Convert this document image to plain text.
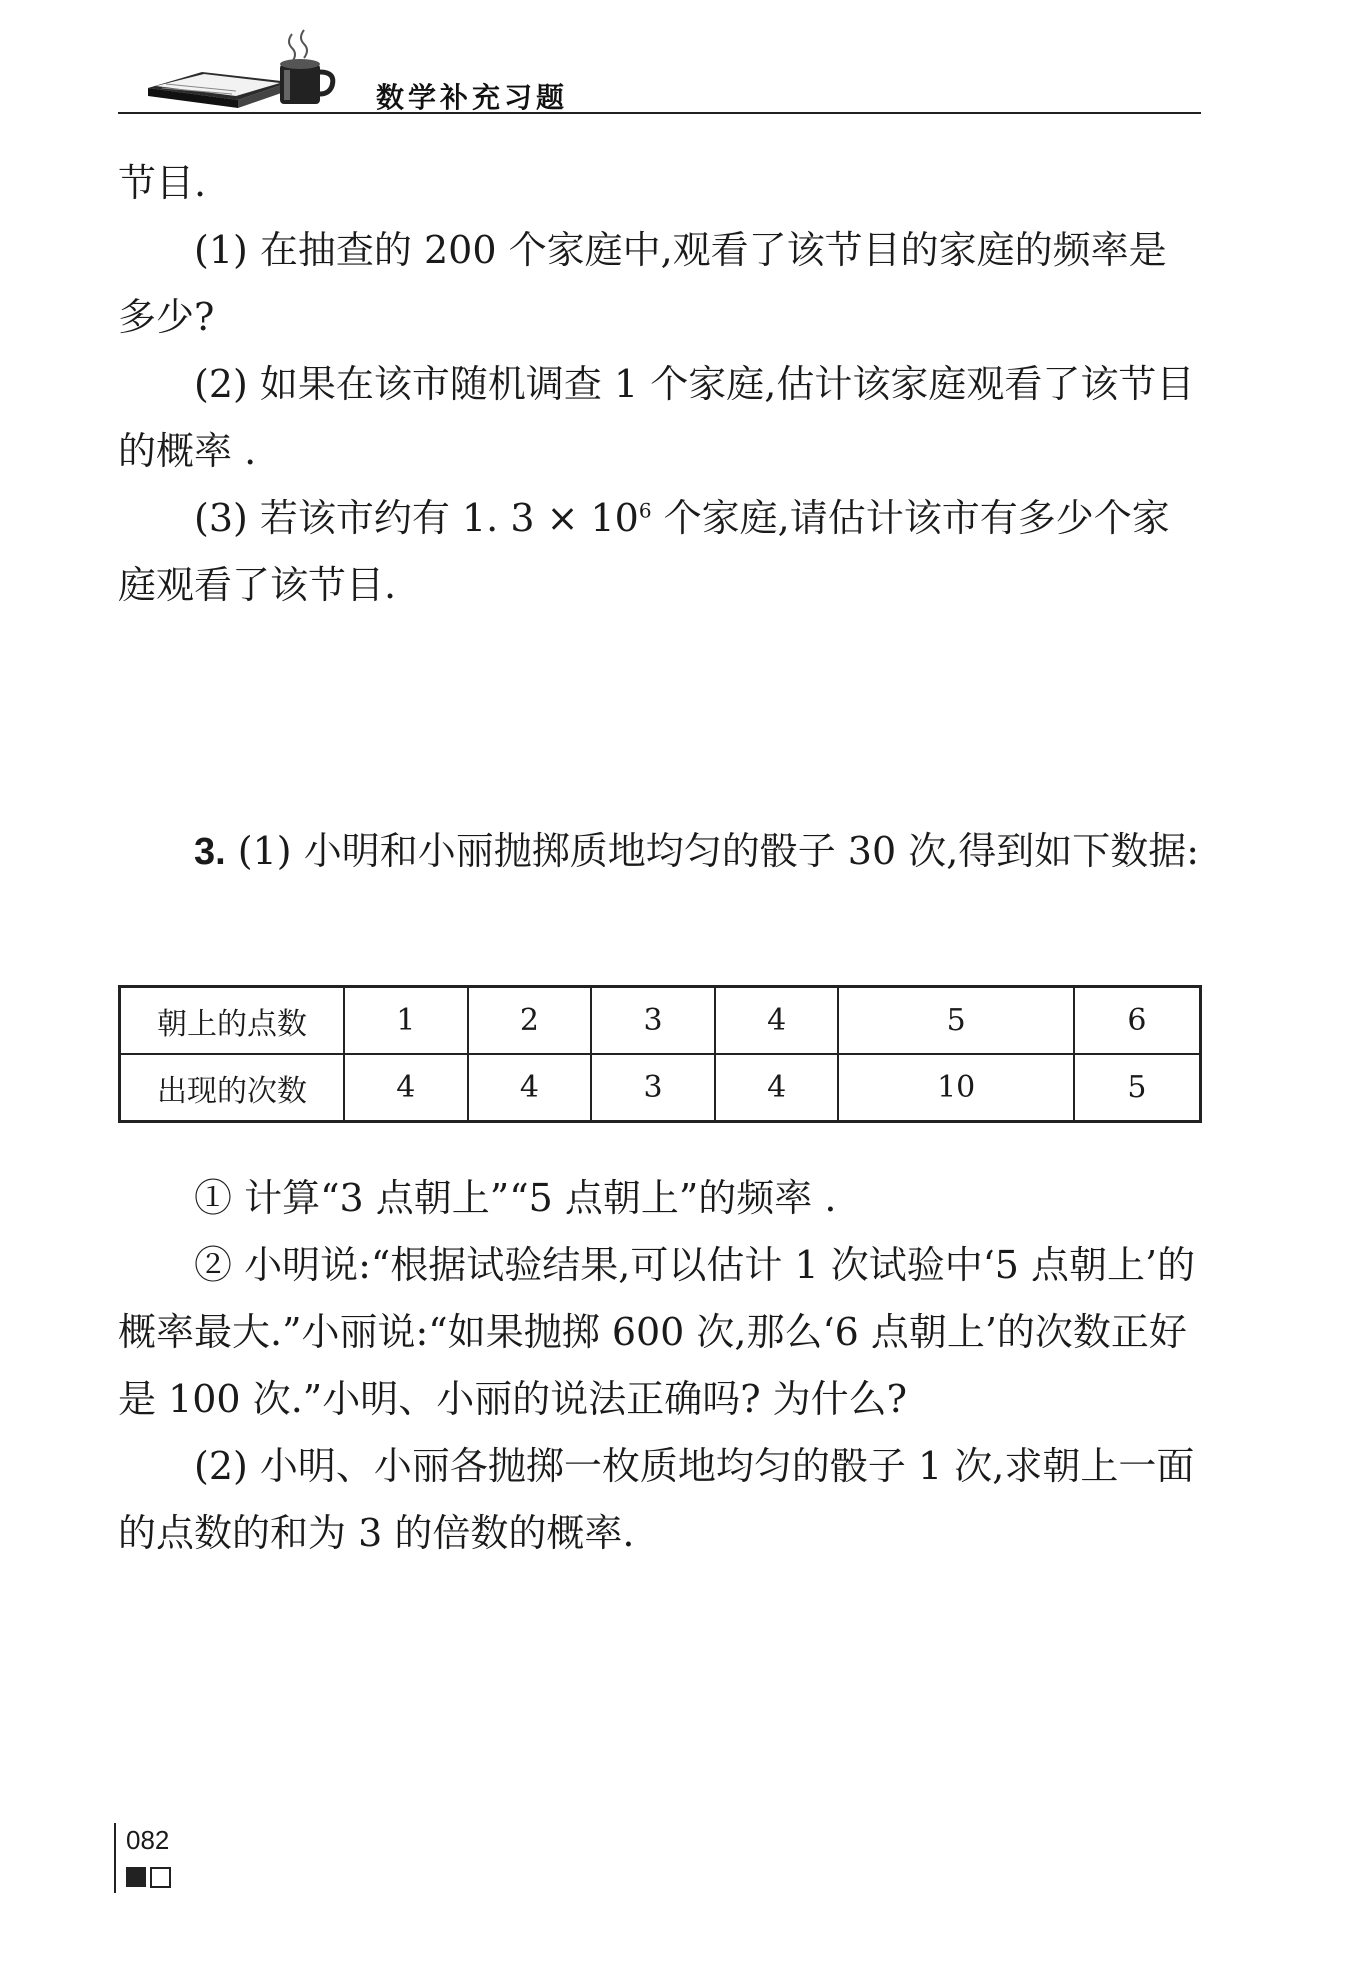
数学补充习题

节目.

(1) 在抽查的 200 个家庭中,观看了该节目的家庭的频率是多少?

(2) 如果在该市随机调查 1 个家庭,估计该家庭观看了该节目的概率 .

(3) 若该市约有 1. $3 \times 10^6$ 个家庭,请估计该市有多少个家庭观看了该节目.

3. (1) 小明和小丽抛掷质地均匀的骰子 30 次,得到如下数据:

朝上的点数	1	2	3	4	5	6
出现的次数	4	4	3	4	10	5

① 计算“3 点朝上”“5 点朝上”的频率 .

② 小明说:“根据试验结果,可以估计 1 次试验中‘5 点朝上’的概率最大.”小丽说:“如果抛掷 600 次,那么‘6 点朝上’的次数正好是 100 次.”小明、小丽的说法正确吗? 为什么?

(2) 小明、小丽各抛掷一枚质地均匀的骰子 1 次,求朝上一面的点数的和为 3 的倍数的概率.

082
